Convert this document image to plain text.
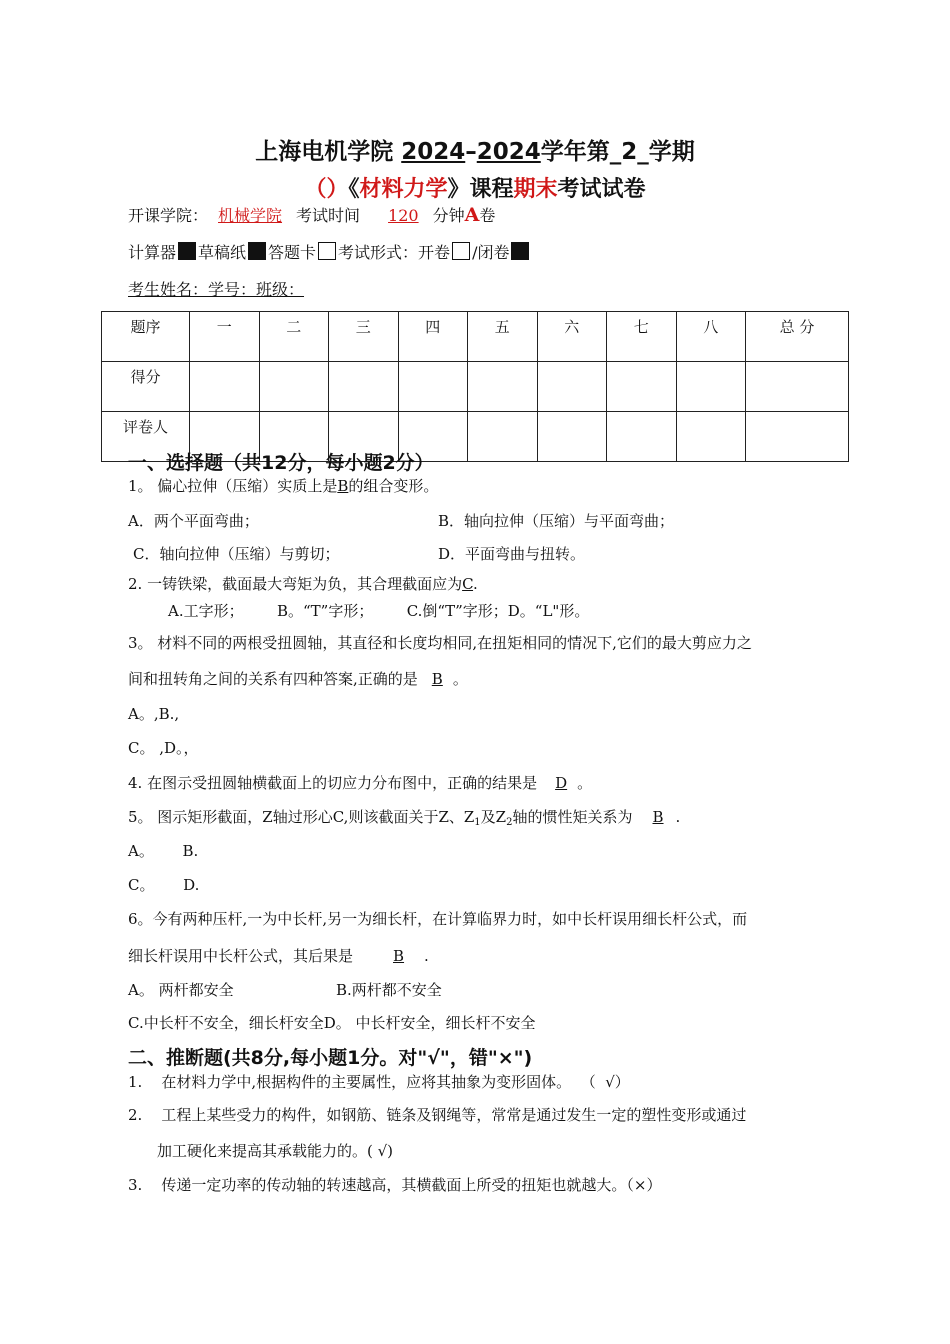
上海电机学院 2024–2024学年第_2_学期
（）《材料力学》课程期末考试试卷
开课学院： 机械学院 考试时间 120 分钟A卷
计算器 草稿纸 答题卡 考试形式：开卷 /闭卷
考生姓名：学号：班级：
题序	一	二	三	四	五	六	七	八	总 分
得分									
评卷人									
一、选择题（共12分，每小题2分）
1。 偏心拉伸（压缩）实质上是B的组合变形。
A．两个平面弯曲；	B．轴向拉伸（压缩）与平面弯曲；
C．轴向拉伸（压缩）与剪切；	D．平面弯曲与扭转。
2. 一铸铁梁，截面最大弯矩为负，其合理截面应为C.
A.工字形；       B。“T”字形；       C.倒“T”字形；D。“L"形。
3。 材料不同的两根受扭圆轴，其直径和长度均相同,在扭矩相同的情况下,它们的最大剪应力之
间和扭转角之间的关系有四种答案,正确的是 B 。
A。,B.,
C。 ,D。，
4. 在图示受扭圆轴横截面上的切应力分布图中，正确的结果是 D 。
5。 图示矩形截面，Z轴过形心C,则该截面关于Z、$Z_1$及$Z_2$轴的惯性矩关系为 B .
A。      B.
C。      D.
6。今有两种压杆,一为中长杆,另一为细长杆，在计算临界力时，如中长杆误用细长杆公式，而
细长杆误用中长杆公式，其后果是	B .
A。 两杆都安全	B.两杆都不安全
C.中长杆不安全，细长杆安全D。 中长杆安全，细长杆不安全
二、推断题(共8分,每小题1分。对"√"，错"×")
1.    在材料力学中,根据构件的主要属性，应将其抽象为变形固体。  （  √）
2.    工程上某些受力的构件，如钢筋、链条及钢绳等，常常是通过发生一定的塑性变形或通过
加工硬化来提高其承载能力的。( √)
3.    传递一定功率的传动轴的转速越高，其横截面上所受的扭矩也就越大。（×）
